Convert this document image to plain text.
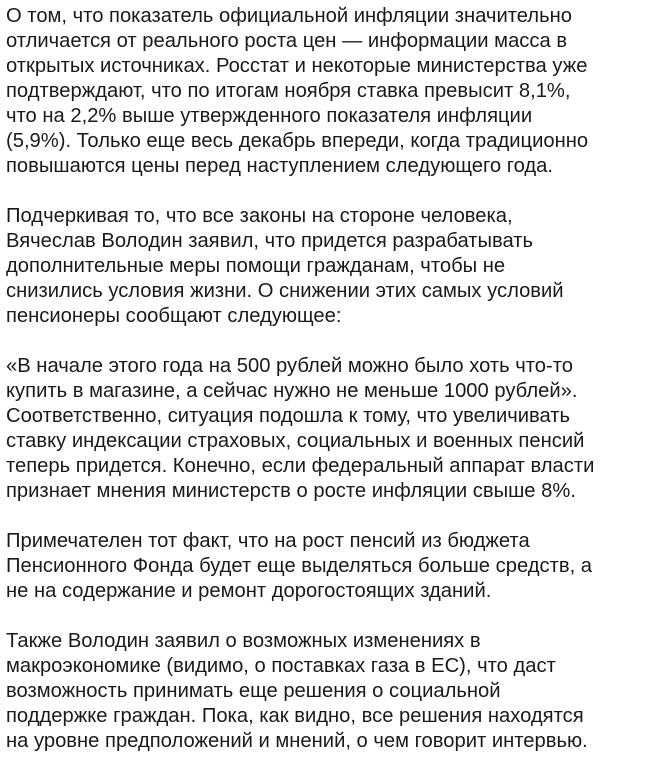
О том, что показатель официальной инфляции значительно
отличается от реального роста цен — информации масса в
открытых источниках. Росстат и некоторые министерства уже
подтверждают, что по итогам ноября ставка превысит 8,1%,
что на 2,2% выше утвержденного показателя инфляции
(5,9%). Только еще весь декабрь впереди, когда традиционно
повышаются цены перед наступлением следующего года.

Подчеркивая то, что все законы на стороне человека,
Вячеслав Володин заявил, что придется разрабатывать
дополнительные меры помощи гражданам, чтобы не
снизились условия жизни. О снижении этих самых условий
пенсионеры сообщают следующее:

«В начале этого года на 500 рублей можно было хоть что-то
купить в магазине, а сейчас нужно не меньше 1000 рублей».
Соответственно, ситуация подошла к тому, что увеличивать
ставку индексации страховых, социальных и военных пенсий
теперь придется. Конечно, если федеральный аппарат власти
признает мнения министерств о росте инфляции свыше 8%.

Примечателен тот факт, что на рост пенсий из бюджета
Пенсионного Фонда будет еще выделяться больше средств, а
не на содержание и ремонт дорогостоящих зданий.

Также Володин заявил о возможных изменениях в
макроэкономике (видимо, о поставках газа в ЕС), что даст
возможность принимать еще решения о социальной
поддержке граждан. Пока, как видно, все решения находятся
на уровне предположений и мнений, о чем говорит интервью.
